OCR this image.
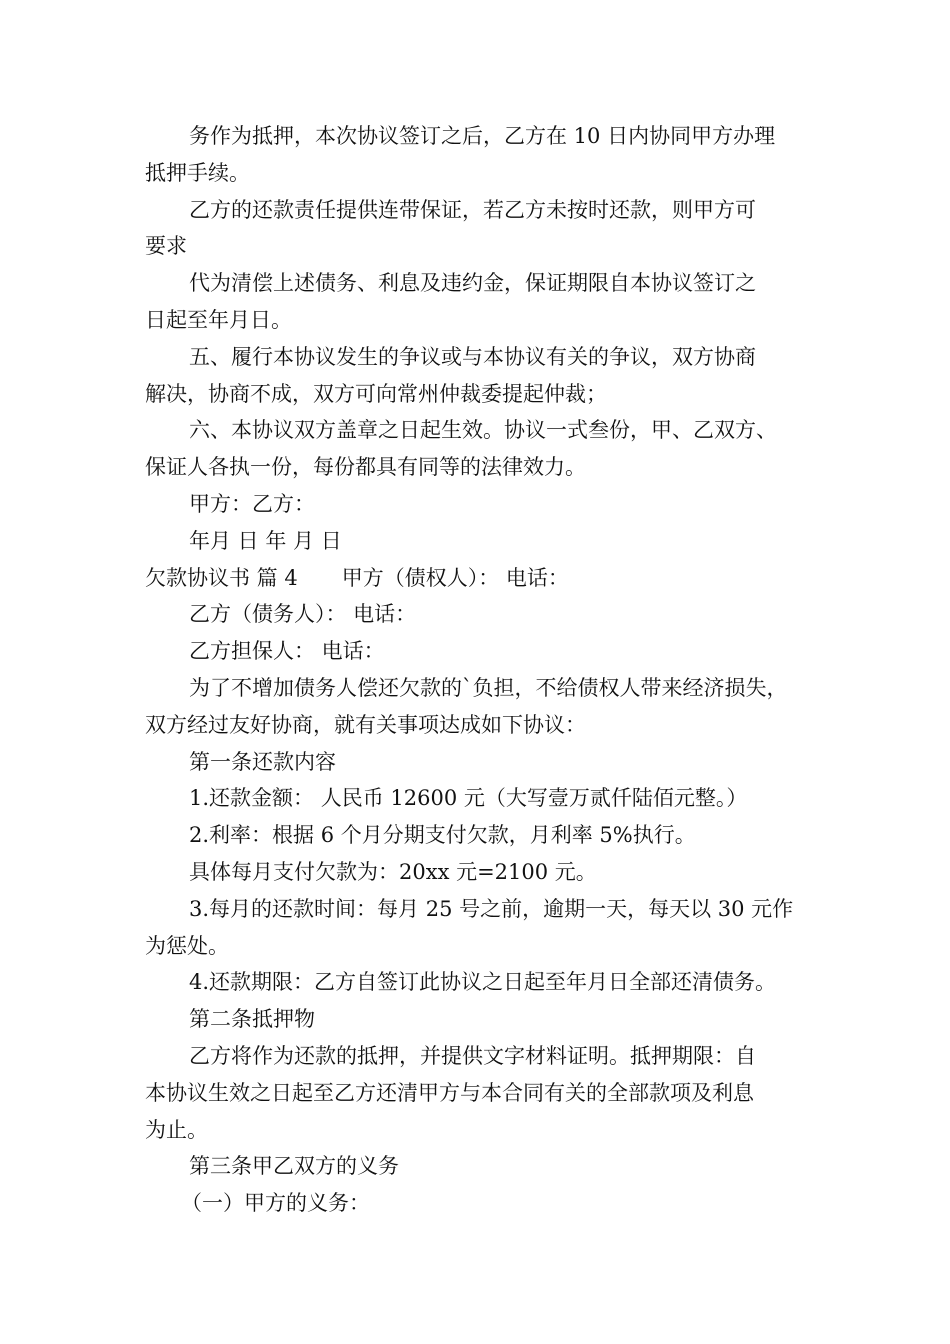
务作为抵押，本次协议签订之后，乙方在 10 日内协同甲方办理
抵押手续。
乙方的还款责任提供连带保证，若乙方未按时还款，则甲方可
要求
代为清偿上述债务、利息及违约金，保证期限自本协议签订之
日起至年月日。
五、履行本协议发生的争议或与本协议有关的争议，双方协商
解决，协商不成，双方可向常州仲裁委提起仲裁；
六、本协议双方盖章之日起生效。协议一式叁份，甲、乙双方、
保证人各执一份，每份都具有同等的法律效力。
甲方：乙方：
年月 日 年 月 日
欠款协议书 篇 4 甲方（债权人）： 电话：
乙方（债务人）： 电话：
乙方担保人： 电话：
为了不增加债务人偿还欠款的`负担，不给债权人带来经济损失，
双方经过友好协商，就有关事项达成如下协议：
第一条还款内容
1.还款金额： 人民币 12600 元（大写壹万贰仟陆佰元整。）
2.利率：根据 6 个月分期支付欠款，月利率 5%执行。
具体每月支付欠款为：20xx 元=2100 元。
3.每月的还款时间：每月 25 号之前，逾期一天，每天以 30 元作
为惩处。
4.还款期限：乙方自签订此协议之日起至年月日全部还清债务。
第二条抵押物
乙方将作为还款的抵押，并提供文字材料证明。抵押期限：自
本协议生效之日起至乙方还清甲方与本合同有关的全部款项及利息
为止。
第三条甲乙双方的义务
（一）甲方的义务：
